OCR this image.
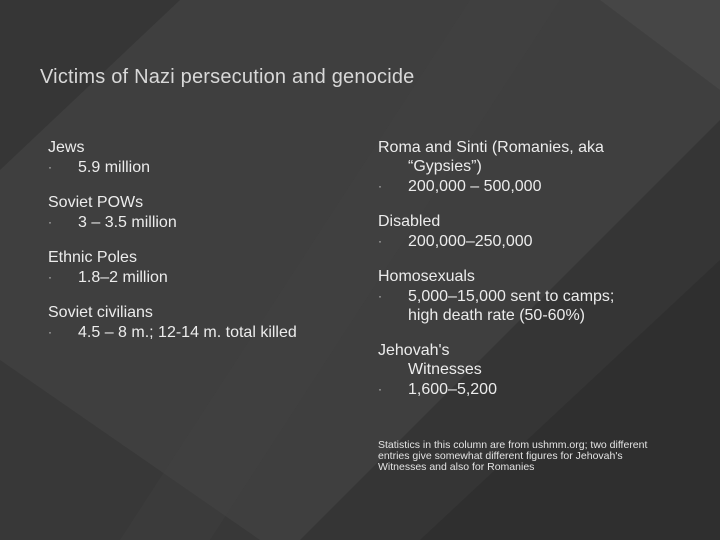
Victims of Nazi persecution and genocide
Jews
· 5.9 million
Soviet POWs
· 3 – 3.5 million
Ethnic Poles
· 1.8–2 million
Soviet civilians
· 4.5 – 8 m.; 12-14 m. total killed
Roma and Sinti (Romanies, aka
“Gypsies”)
· 200,000 – 500,000
Disabled
· 200,000–250,000
Homosexuals
· 5,000–15,000 sent to camps;
high death rate (50-60%)
Jehovah's
Witnesses
· 1,600–5,200
Statistics in this column are from ushmm.org; two different entries give somewhat different figures for Jehovah's Witnesses and also for Romanies
